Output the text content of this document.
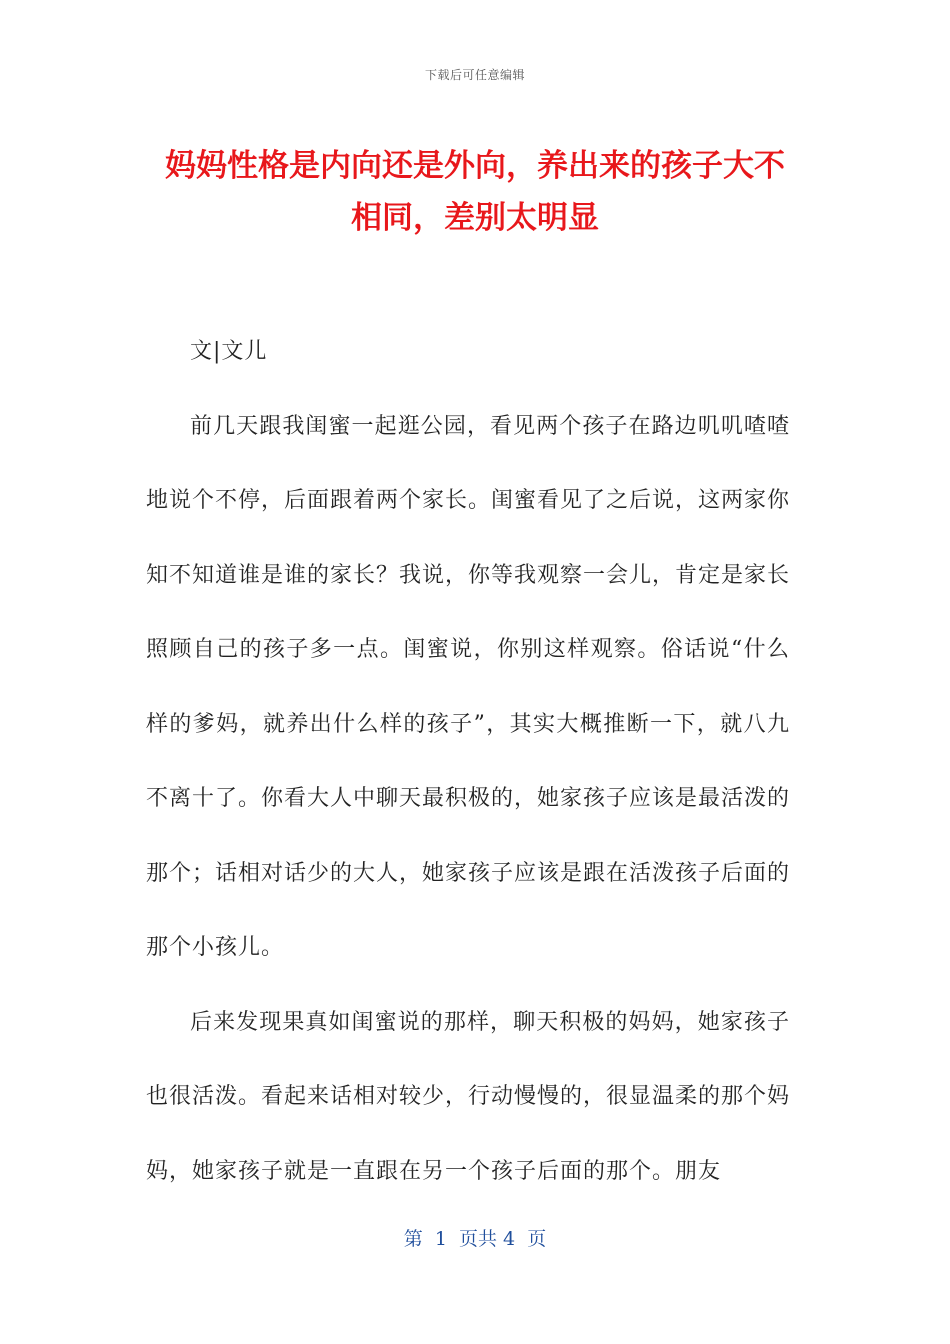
下载后可任意编辑
妈妈性格是内向还是外向，养出来的孩子大不相同，差别太明显

文|文儿

前几天跟我闺蜜一起逛公园，看见两个孩子在路边叽叽喳喳地说个不停，后面跟着两个家长。闺蜜看见了之后说，这两家你知不知道谁是谁的家长？我说，你等我观察一会儿，肯定是家长照顾自己的孩子多一点。闺蜜说，你别这样观察。俗话说“什么样的爹妈，就养出什么样的孩子”，其实大概推断一下，就八九不离十了。你看大人中聊天最积极的，她家孩子应该是最活泼的那个；话相对话少的大人，她家孩子应该是跟在活泼孩子后面的那个小孩儿。

后来发现果真如闺蜜说的那样，聊天积极的妈妈，她家孩子也很活泼。看起来话相对较少，行动慢慢的，很显温柔的那个妈妈，她家孩子就是一直跟在另一个孩子后面的那个。朋友

第  1  页共 4  页
